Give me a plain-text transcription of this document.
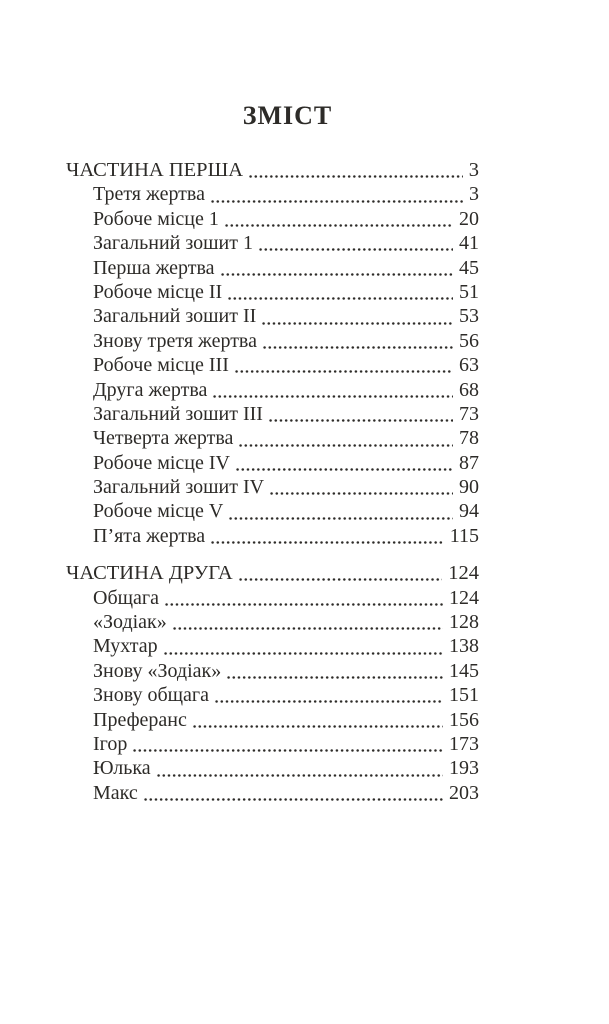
ЗМІСТ
ЧАСТИНА ПЕРША	3
Третя жертва	3
Робоче місце 1	20
Загальний зошит 1	41
Перша жертва	45
Робоче місце II	51
Загальний зошит II	53
Знову третя жертва	56
Робоче місце III	63
Друга жертва	68
Загальний зошит III	73
Четверта жертва	78
Робоче місце IV	87
Загальний зошит IV	90
Робоче місце V	94
П’ята жертва	115
ЧАСТИНА ДРУГА	124
Общага	124
«Зодіак»	128
Мухтар	138
Знову «Зодіак»	145
Знову общага	151
Преферанс	156
Ігор	173
Юлька	193
Макс	203
